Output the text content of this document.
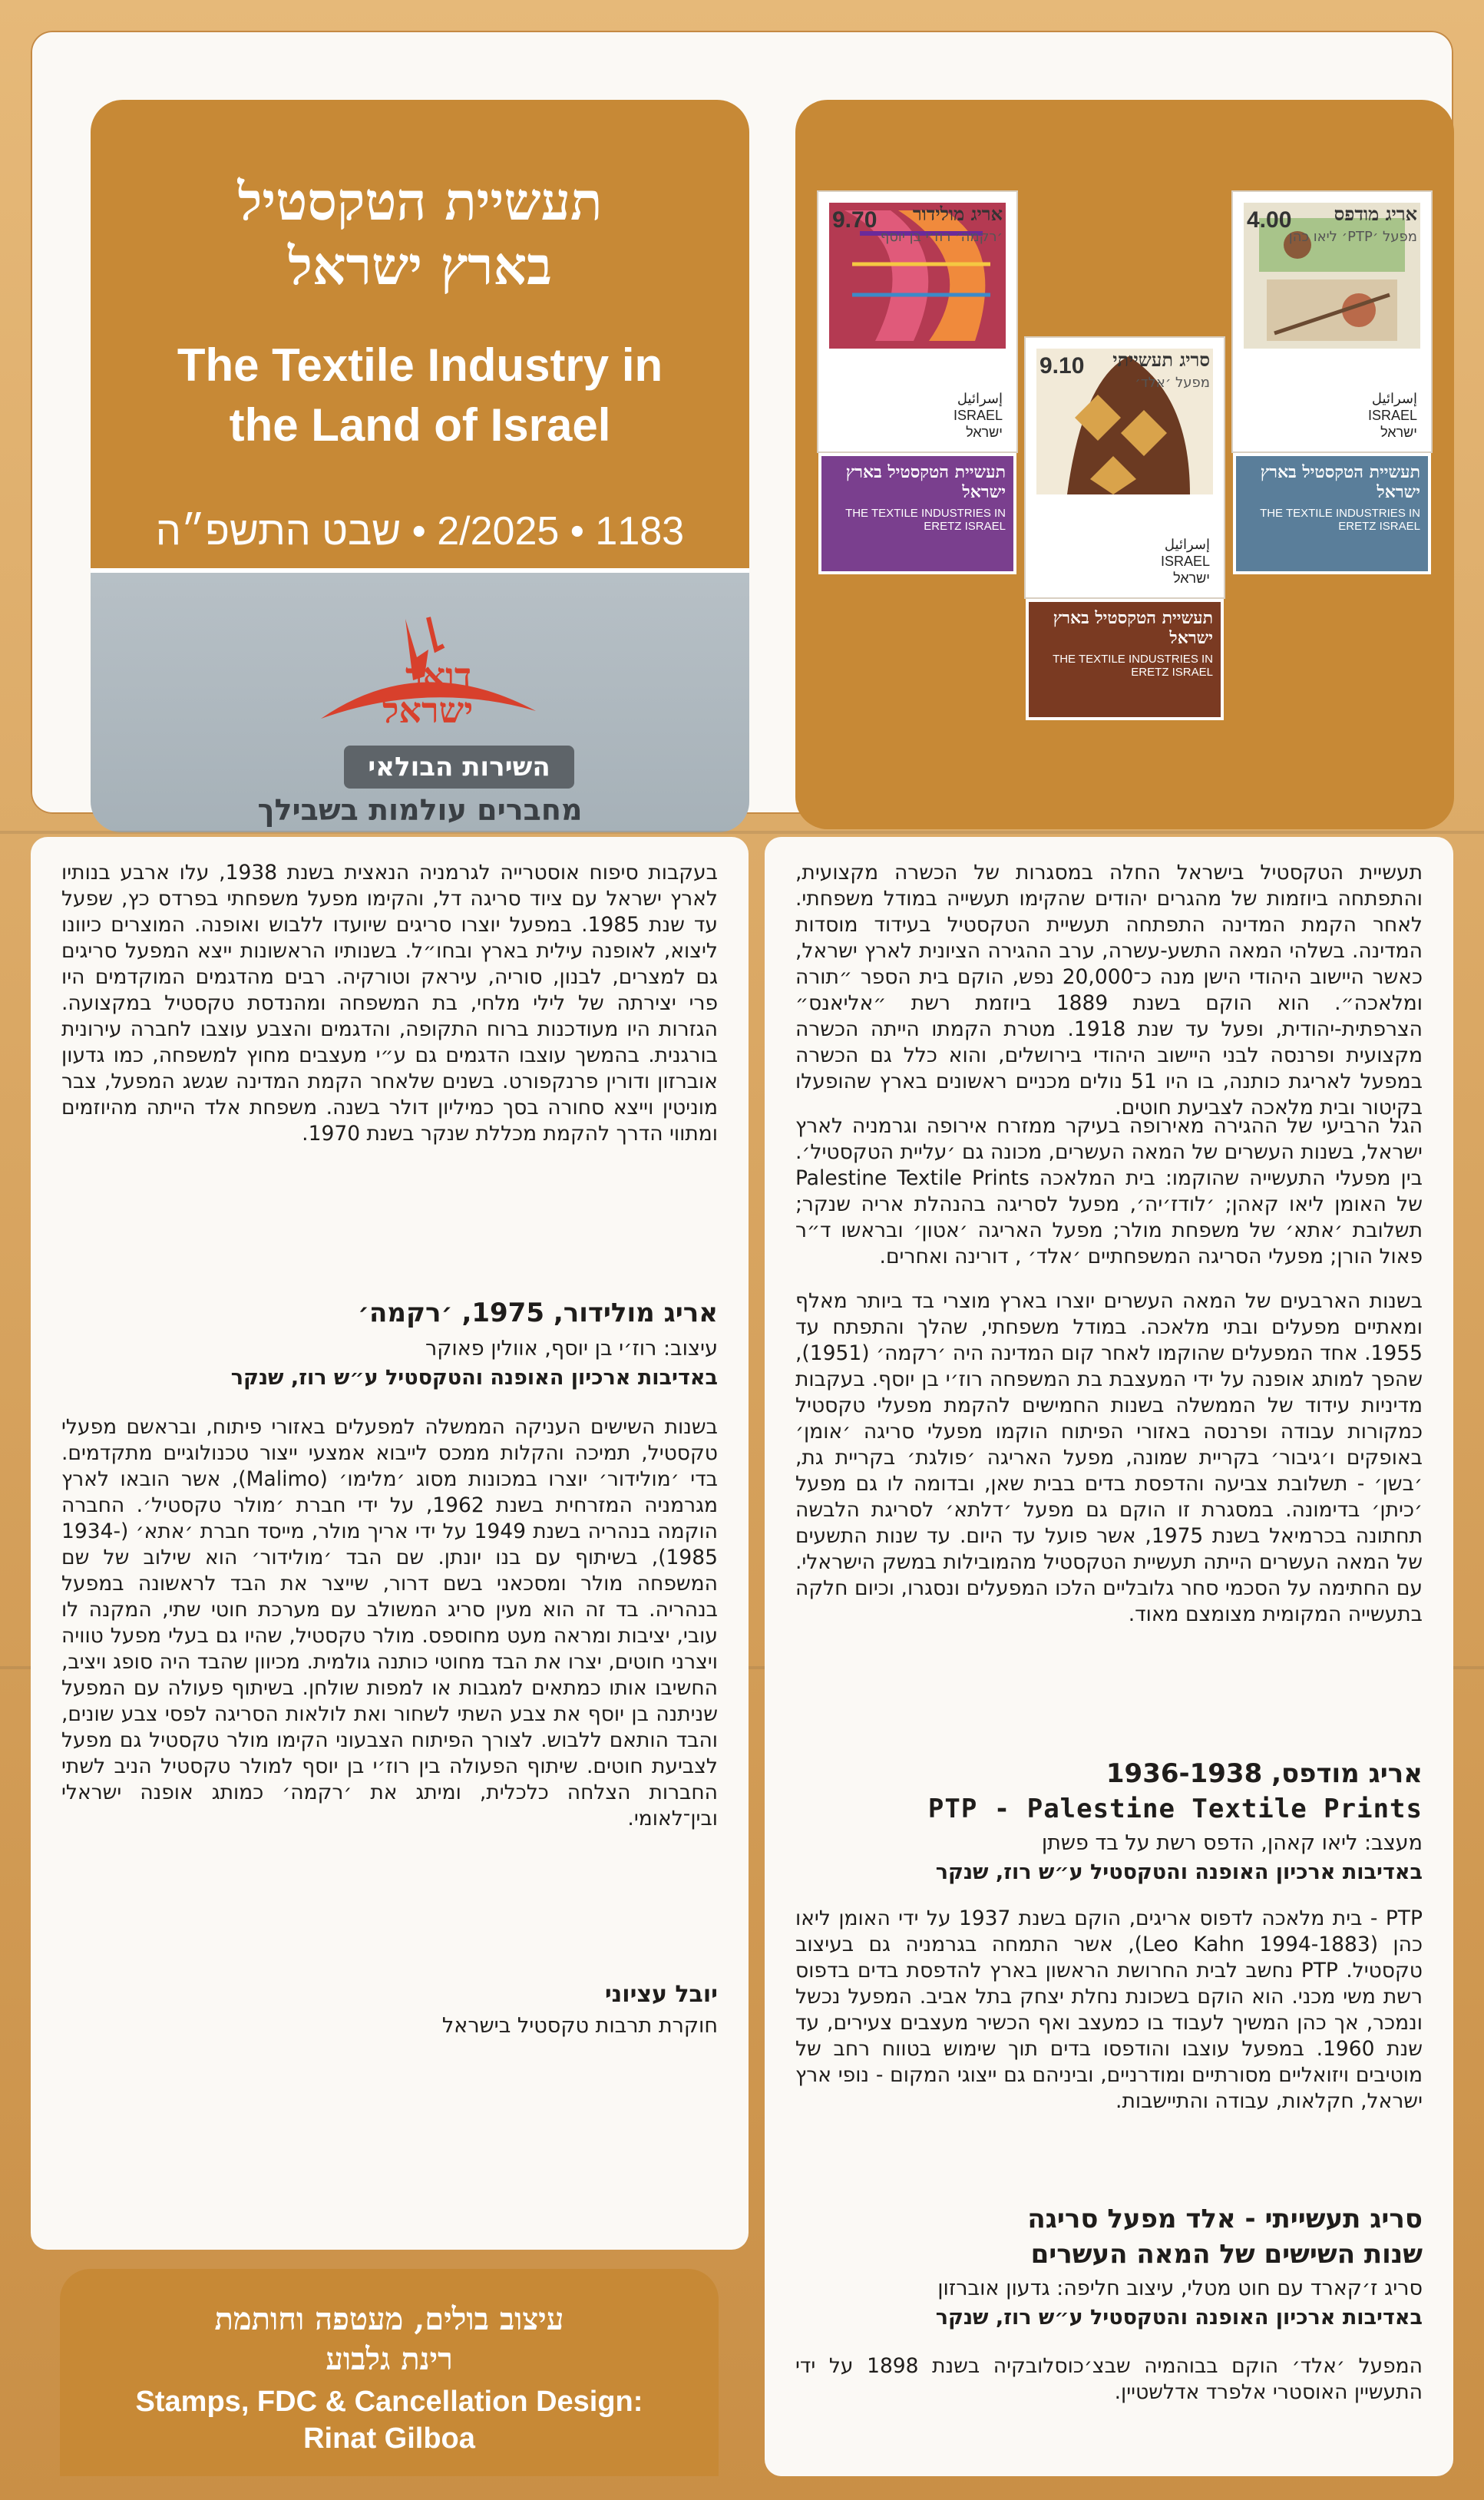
תעשיית הטקסטיל
בארץ ישראל
The Textile Industry in
the Land of Israel
1183 • 2/2025 • שבט התשפ״ה
דואר
ישראל
השירות הבולאי
מחברים עולמות בשבילך
9.70 אריג מולידור
׳רקמה׳ רוז׳י בן יוסף
إسرائيل
ISRAEL
ישראל
תעשיית הטקסטיל בארץ ישראל
THE TEXTILE INDUSTRIES IN ERETZ ISRAEL
9.10 סריג תעשייתי
מפעל ׳אלד׳
إسرائيل
ISRAEL
ישראל
תעשיית הטקסטיל בארץ ישראל
THE TEXTILE INDUSTRIES IN ERETZ ISRAEL
4.00 אריג מודפס
מפעל ׳PTP׳ ליאו כהן
إسرائيل
ISRAEL
ישראל
תעשיית הטקסטיל בארץ ישראל
THE TEXTILE INDUSTRIES IN ERETZ ISRAEL
תעשיית הטקסטיל בישראל החלה במסגרות של הכשרה מקצועית, והתפתחה ביוזמות של מהגרים יהודים שהקימו תעשייה במודל משפחתי. לאחר הקמת המדינה התפתחה תעשיית הטקסטיל בעידוד מוסדות המדינה. בשלהי המאה התשע-עשרה, ערב ההגירה הציונית לארץ ישראל, כאשר היישוב היהודי הישן מנה כ־20,000 נפש, הוקם בית הספר ״תורה ומלאכה״. הוא הוקם בשנת 1889 ביוזמת רשת ״אליאנס״ הצרפתית-יהודית, ופעל עד שנת 1918. מטרת הקמתו הייתה הכשרה מקצועית ופרנסה לבני היישוב היהודי בירושלים, והוא כלל גם הכשרה במפעל לאריגת כותנה, בו היו 51 נולים מכניים ראשונים בארץ שהופעלו בקיטור ובית מלאכה לצביעת חוטים.
הגל הרביעי של ההגירה מאירופה בעיקר ממזרח אירופה וגרמניה לארץ ישראל, בשנות העשרים של המאה העשרים, מכונה גם ׳עליית הטקסטיל׳. בין מפעלי התעשייה שהוקמו: בית המלאכה Palestine Textile Prints של האומן ליאו קאהן; ׳לודז׳יה׳, מפעל לסריגה בהנהלת אריה שנקר; תשלובת ׳אתא׳ של משפחת מולר; מפעל האריגה ׳אטון׳ ובראשו ד״ר פאול הורן; מפעלי הסריגה המשפחתיים ׳אלד׳ , דורינה ואחרים.
בשנות הארבעים של המאה העשרים יוצרו בארץ מוצרי בד ביותר מאלף ומאתיים מפעלים ובתי מלאכה. במודל משפחתי, שהלך והתפתח עד 1955. אחד המפעלים שהוקמו לאחר קום המדינה היה ׳רקמה׳ (1951), שהפך למותג אופנה על ידי המעצבת בת המשפחה רוז׳י בן יוסף. בעקבות מדיניות עידוד של הממשלה בשנות החמישים להקמת מפעלי טקסטיל כמקורות עבודה ופרנסה באזורי הפיתוח הוקמו מפעלי סריגה ׳אומן׳ באופקים ו׳גיבור׳ בקריית שמונה, מפעל האריגה ׳פולגת׳ בקריית גת, ׳בשן׳ - תשלובת צביעה והדפסת בדים בבית שאן, ובדומה לו גם מפעל ׳כיתן׳ בדימונה. במסגרת זו הוקם גם מפעל ׳דלתא׳ לסריגת הלבשה תחתונה בכרמיאל בשנת 1975, אשר פועל עד היום. עד שנות התשעים של המאה העשרים הייתה תעשיית הטקסטיל מהמובילות במשק הישראלי. עם החתימה על הסכמי סחר גלובליים הלכו המפעלים ונסגרו, וכיום חלקה בתעשייה המקומית מצומצם מאוד.
אריג מודפס, 1936-1938
PTP - Palestine Textile Prints
מעצב: ליאו קאהן, הדפס רשת על בד פשתן
באדיבות ארכיון האופנה והטקסטיל ע״ש רוז, שנקר
PTP - בית מלאכה לדפוס אריגים, הוקם בשנת 1937 על ידי האומן ליאו כהן (Leo Kahn 1994-1883), אשר התמחה בגרמניה גם בעיצוב טקסטיל. PTP נחשב לבית החרושת הראשון בארץ להדפסת בדים בדפוס רשת משי מכני. הוא הוקם בשכונת נחלת יצחק בתל אביב. המפעל נכשל ונמכר, אך כהן המשיך לעבוד בו כמעצב ואף הכשיר מעצבים צעירים, עד שנת 1960. במפעל עוצבו והודפסו בדים תוך שימוש בטווח רחב של מוטיבים ויזואליים מסורתיים ומודרניים, וביניהם גם ייצוגי המקום - נופי ארץ ישראל, חקלאות, עבודה והתיישבות.
סריג תעשייתי - אלד מפעל סריגה
שנות השישים של המאה העשרים
סריג ז׳קארד עם חוט מטלי, עיצוב חליפה: גדעון אוברזון
באדיבות ארכיון האופנה והטקסטיל ע״ש רוז, שנקר
המפעל ׳אלד׳ הוקם בבוהמיה שבצ׳כוסלובקיה בשנת 1898 על ידי התעשיין האוסטרי אלפרד אדלשטיין.
בעקבות סיפוח אוסטרייה לגרמניה הנאצית בשנת 1938, עלו ארבע בנותיו לארץ ישראל עם ציוד סריגה דל, והקימו מפעל משפחתי בפרדס כץ, שפעל עד שנת 1985. במפעל יוצרו סריגים שיועדו ללבוש ואופנה. המוצרים כיוונו ליצוא, לאופנה עילית בארץ ובחו״ל. בשנותיו הראשונות ייצא המפעל סריגים גם למצרים, לבנון, סוריה, עיראק וטורקיה. רבים מהדגמים המוקדמים היו פרי יצירתה של לילי מלחי, בת המשפחה ומהנדסת טקסטיל במקצועה. הגזרות היו מעודכנות ברוח התקופה, והדגמים והצבע עוצבו לחברה עירונית בורגנית. בהמשך עוצבו הדגמים גם ע״י מעצבים מחוץ למשפחה, כמו גדעון אוברזון ודורין פרנקפורט. בשנים שלאחר הקמת המדינה שגשג המפעל, צבר מוניטין וייצא סחורה בסך כמיליון דולר בשנה. משפחת אלד הייתה מהיוזמים ומתווי הדרך להקמת מכללת שנקר בשנת 1970.
אריג מולידור, 1975, ׳רקמה׳
עיצוב: רוז׳י בן יוסף, אוולין פאוקר
באדיבות ארכיון האופנה והטקסטיל ע״ש רוז, שנקר
בשנות השישים העניקה הממשלה למפעלים באזורי פיתוח, ובראשם מפעלי טקסטיל, תמיכה והקלות ממכס לייבוא אמצעי ייצור טכנולוגיים מתקדמים. בדי ׳מולידור׳ יוצרו במכונות מסוג ׳מלימו׳ (Malimo), אשר הובאו לארץ מגרמניה המזרחית בשנת 1962, על ידי חברת ׳מולר טקסטיל׳. החברה הוקמה בנהריה בשנת 1949 על ידי אריך מולר, מייסד חברת ׳אתא׳ (1934-1985), בשיתוף עם בנו יונתן. שם הבד ׳מולידור׳ הוא שילוב של שם המשפחה מולר ומסכאני בשם דרור, שייצר את הבד לראשונה במפעל בנהריה. בד זה הוא מעין סריג המשולב עם מערכת חוטי שתי, המקנה לו עובי, יציבות ומראה מעט מחוספס. מולר טקסטיל, שהיו גם בעלי מפעל טוויה ויצרני חוטים, יצרו את הבד מחוטי כותנה גולמית. מכיוון שהבד היה סופג ויציב, החשיבו אותו כמתאים למגבות או למפות שולחן. בשיתוף פעולה עם המפעל שניתנה בן יוסף את צבע השתי לשחור ואת לולאות הסריגה לפסי צבע שונים, והבד הותאם ללבוש. לצורך הפיתוח הצבעוני הקימו מולר טקסטיל גם מפעל לצביעת חוטים. שיתוף הפעולה בין רוז׳י בן יוסף למולר טקסטיל הניב לשתי החברות הצלחה כלכלית, ומיתג את ׳רקמה׳ כמותג אופנה ישראלי ובין־לאומי.
יובל עציוני
חוקרת תרבות טקסטיל בישראל
עיצוב בולים, מעטפה וחותמת
רינת גלבוע
Stamps, FDC & Cancellation Design:
Rinat Gilboa
